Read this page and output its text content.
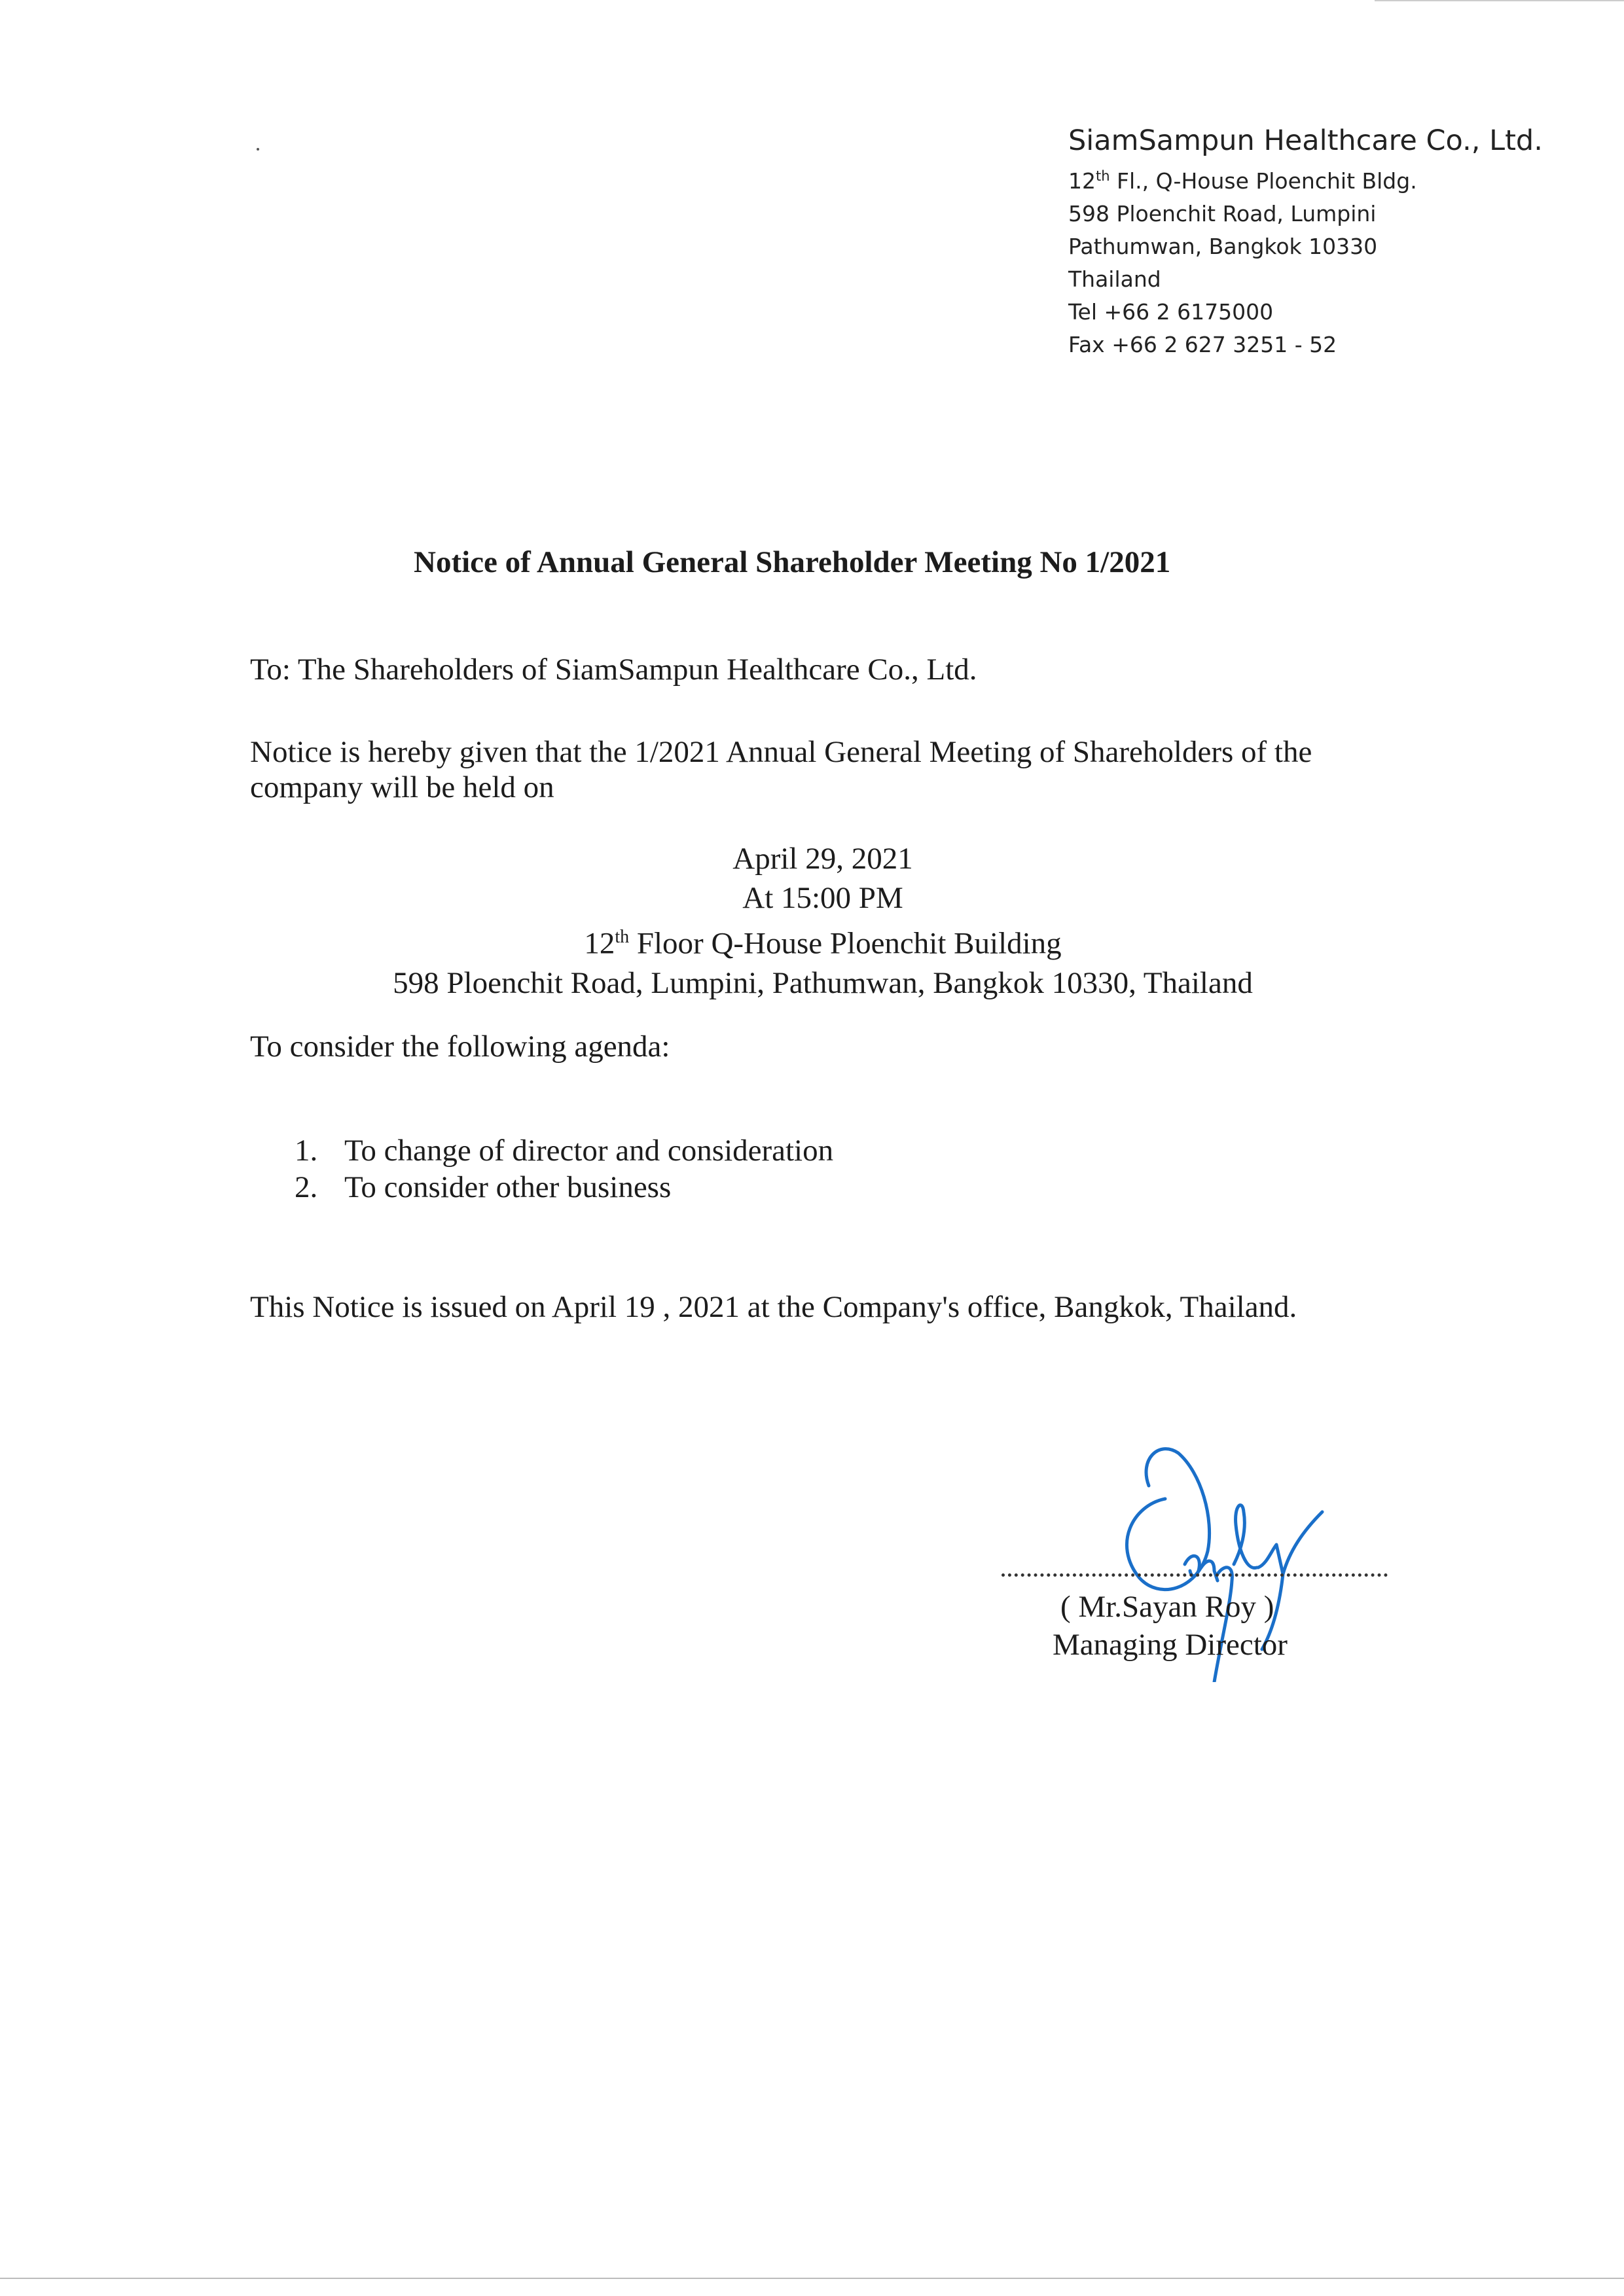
SiamSampun Healthcare Co., Ltd.
12th Fl., Q-House Ploenchit Bldg.
598 Ploenchit Road, Lumpini
Pathumwan, Bangkok 10330
Thailand
Tel +66 2 6175000
Fax +66 2 627 3251 - 52
Notice of Annual General Shareholder Meeting No 1/2021
To: The Shareholders of SiamSampun Healthcare Co., Ltd.
Notice is hereby given that the 1/2021 Annual General Meeting of Shareholders of the
company will be held on
April 29, 2021
At 15:00 PM
12th Floor Q-House Ploenchit Building
598 Ploenchit Road, Lumpini, Pathumwan, Bangkok 10330, Thailand
To consider the following agenda:
1. To change of director and consideration
2. To consider other business
This Notice is issued on April 19 , 2021 at the Company's office, Bangkok, Thailand.
( Mr.Sayan Roy )
Managing Director
